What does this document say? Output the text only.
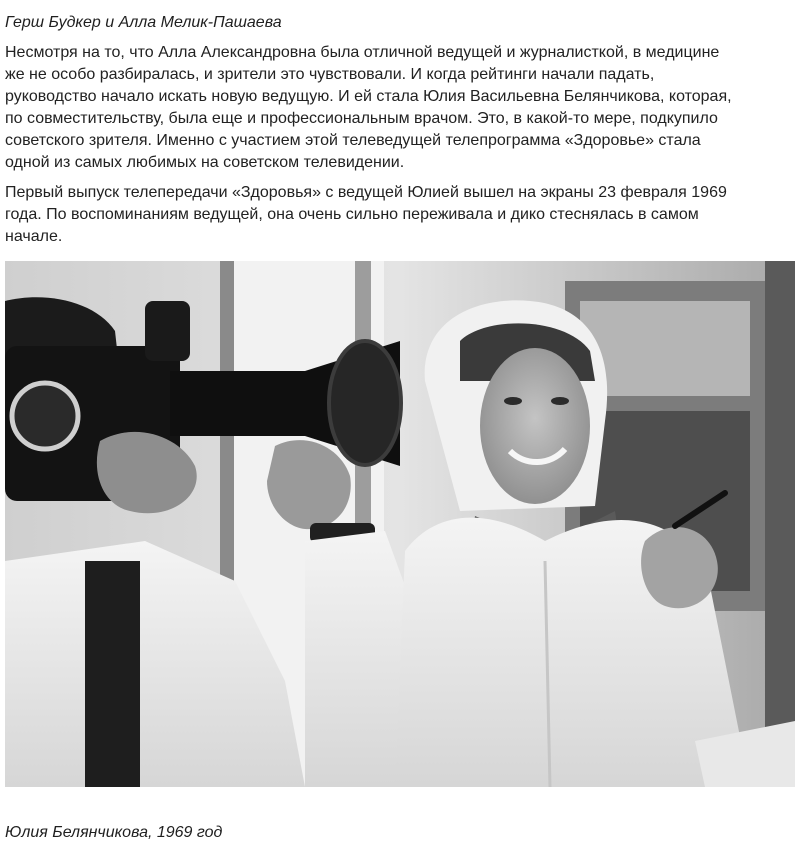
Герш Будкер и Алла Мелик-Пашаева

Несмотря на то, что Алла Александровна была отличной ведущей и журналисткой, в медицине
же не особо разбиралась, и зрители это чувствовали. И когда рейтинги начали падать,
руководство начало искать новую ведущую. И ей стала Юлия Васильевна Белянчикова, которая,
по совместительству, была еще и профессиональным врачом. Это, в какой-то мере, подкупило
советского зрителя. Именно с участием этой телеведущей телепрограмма «Здоровье» стала
одной из самых любимых на советском телевидении.

Первый выпуск телепередачи «Здоровья» с ведущей Юлией вышел на экраны 23 февраля 1969
года. По воспоминаниям ведущей, она очень сильно переживала и дико стеснялась в самом
начале.

Юлия Белянчикова, 1969 год
